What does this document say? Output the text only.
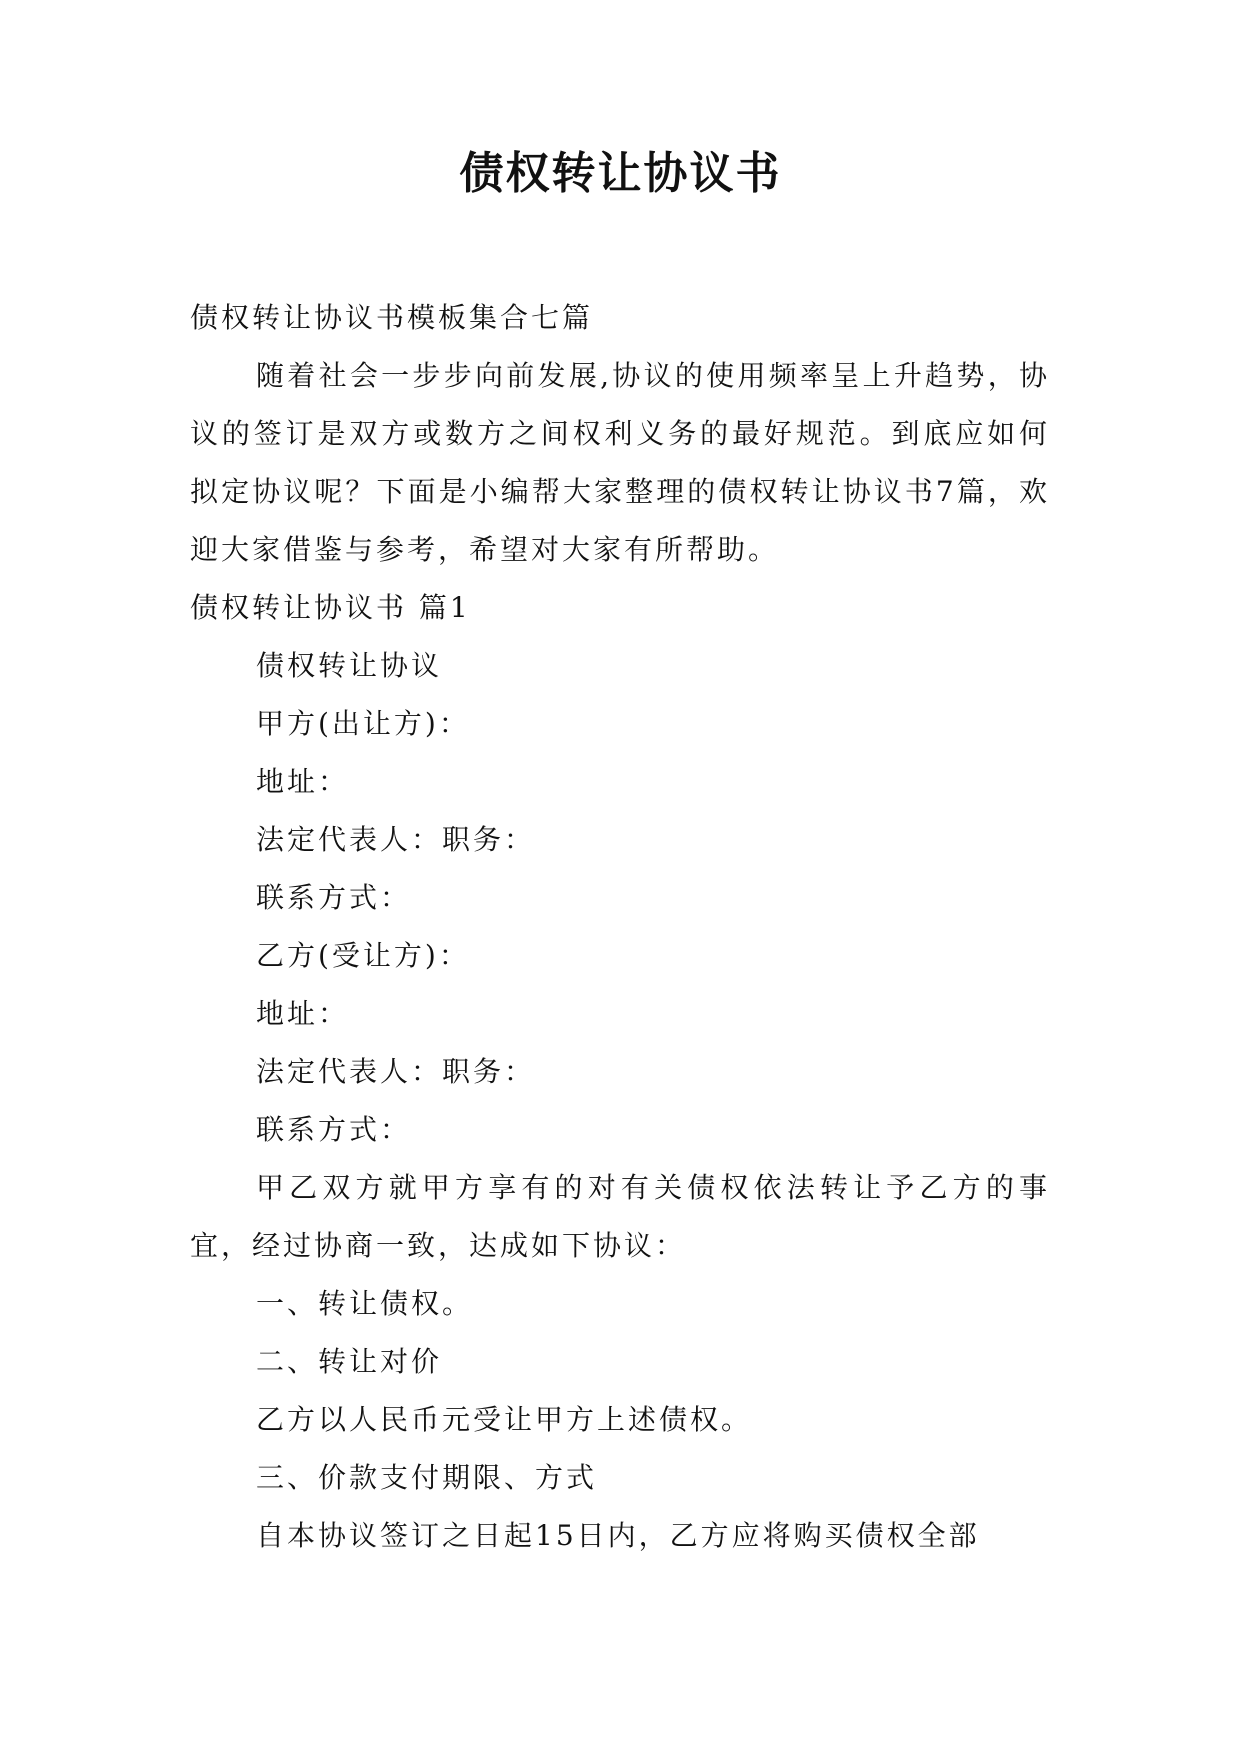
债权转让协议书

债权转让协议书模板集合七篇

随着社会一步步向前发展,协议的使用频率呈上升趋势，协议的签订是双方或数方之间权利义务的最好规范。到底应如何拟定协议呢？下面是小编帮大家整理的债权转让协议书7篇，欢迎大家借鉴与参考，希望对大家有所帮助。

债权转让协议书 篇1

债权转让协议

甲方(出让方)：

地址：

法定代表人：职务：

联系方式：

乙方(受让方)：

地址：

法定代表人：职务：

联系方式：

甲乙双方就甲方享有的对有关债权依法转让予乙方的事宜，经过协商一致，达成如下协议：

一、转让债权。

二、转让对价

乙方以人民币元受让甲方上述债权。

三、价款支付期限、方式

自本协议签订之日起15日内，乙方应将购买债权全部
